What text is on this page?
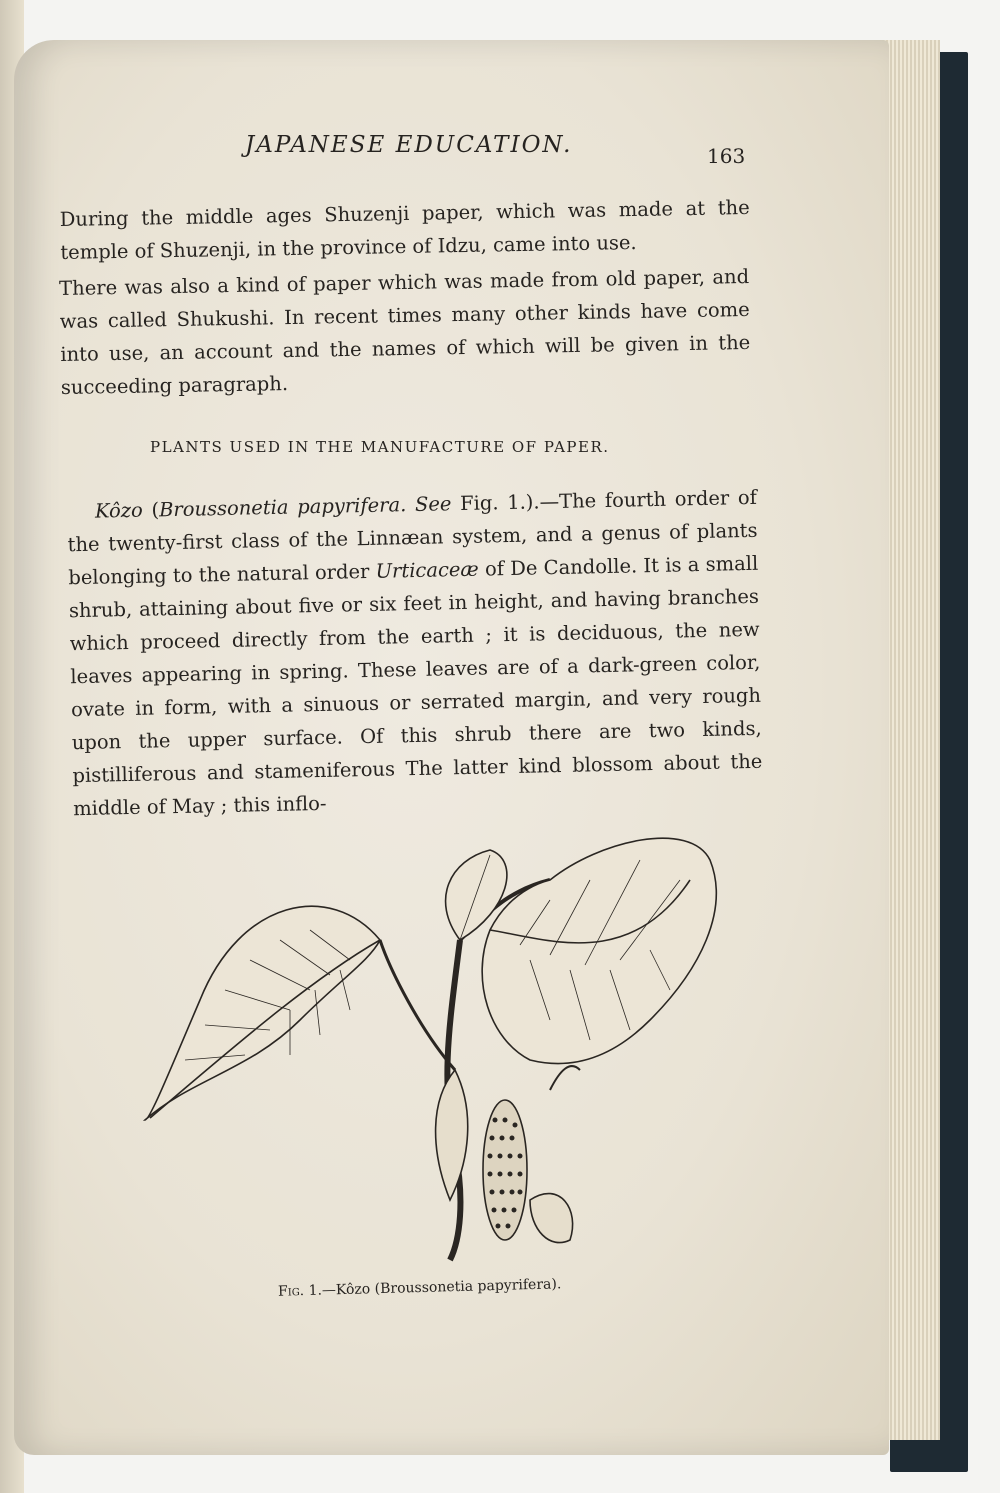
JAPANESE EDUCATION.	163

During the middle ages Shuzenji paper, which was made at the temple of Shuzenji, in the province of Idzu, came into use.

There was also a kind of paper which was made from old paper, and was called Shukushi. In recent times many other kinds have come into use, an account and the names of which will be given in the succeeding paragraph.

PLANTS USED IN THE MANUFACTURE OF PAPER.

Kôzo (Broussonetia papyrifera. See Fig. 1.).—The fourth order of the twenty-first class of the Linnæan system, and a genus of plants belonging to the natural order Urticaceæ of De Candolle. It is a small shrub, attaining about five or six feet in height, and having branches which proceed directly from the earth ; it is deciduous, the new leaves appearing in spring. These leaves are of a dark-green color, ovate in form, with a sinuous or serrated margin, and very rough upon the upper surface. Of this shrub there are two kinds, pistilliferous and stameniferous The latter kind blossom about the middle of May ; this inflo-

Fig. 1.—Kôzo (Broussonetia papyrifera).
